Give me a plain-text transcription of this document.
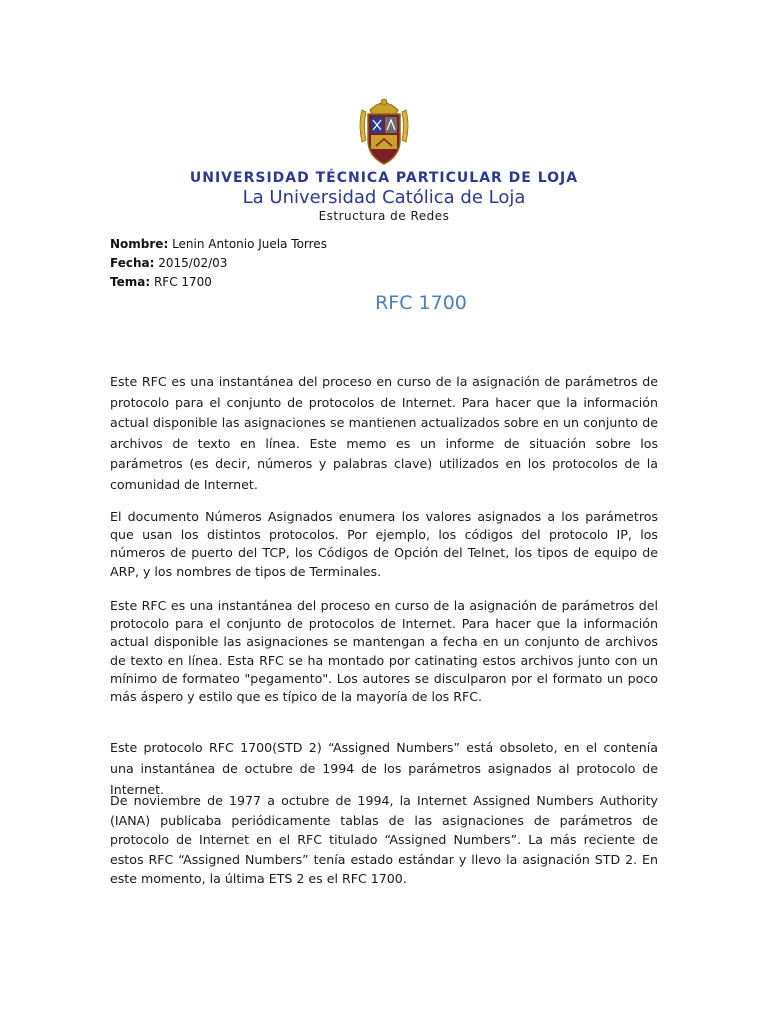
UNIVERSIDAD TÉCNICA PARTICULAR DE LOJA
La Universidad Católica de Loja
Estructura de Redes
Nombre: Lenin Antonio Juela Torres
Fecha: 2015/02/03
Tema: RFC 1700
RFC 1700

Este RFC es una instantánea del proceso en curso de la asignación de parámetros de protocolo para el conjunto de protocolos de Internet. Para hacer que la información actual disponible las asignaciones se mantienen actualizados sobre en un conjunto de archivos de texto en línea. Este memo es un informe de situación sobre los parámetros (es decir, números y palabras clave) utilizados en los protocolos de la comunidad de Internet.

El documento Números Asignados enumera los valores asignados a los parámetros que usan los distintos protocolos. Por ejemplo, los códigos del protocolo IP, los números de puerto del TCP, los Códigos de Opción del Telnet, los tipos de equipo de ARP, y los nombres de tipos de Terminales.

Este RFC es una instantánea del proceso en curso de la asignación de parámetros del protocolo para el conjunto de protocolos de Internet. Para hacer que la información actual disponible las asignaciones se mantengan a fecha en un conjunto de archivos de texto en línea. Esta RFC se ha montado por catinating estos archivos junto con un mínimo de formateo "pegamento". Los autores se disculparon por el formato un poco más áspero y estilo que es típico de la mayoría de los RFC.

Este protocolo RFC 1700(STD 2) “Assigned Numbers” está obsoleto, en el contenía una instantánea de octubre de 1994 de los parámetros asignados al protocolo de Internet.

De noviembre de 1977 a octubre de 1994, la Internet Assigned Numbers Authority (IANA) publicaba periódicamente tablas de las asignaciones de parámetros de protocolo de Internet en el RFC titulado “Assigned Numbers”. La más reciente de estos RFC “Assigned Numbers” tenía estado estándar y llevo la asignación STD 2. En este momento, la última ETS 2 es el RFC 1700.
